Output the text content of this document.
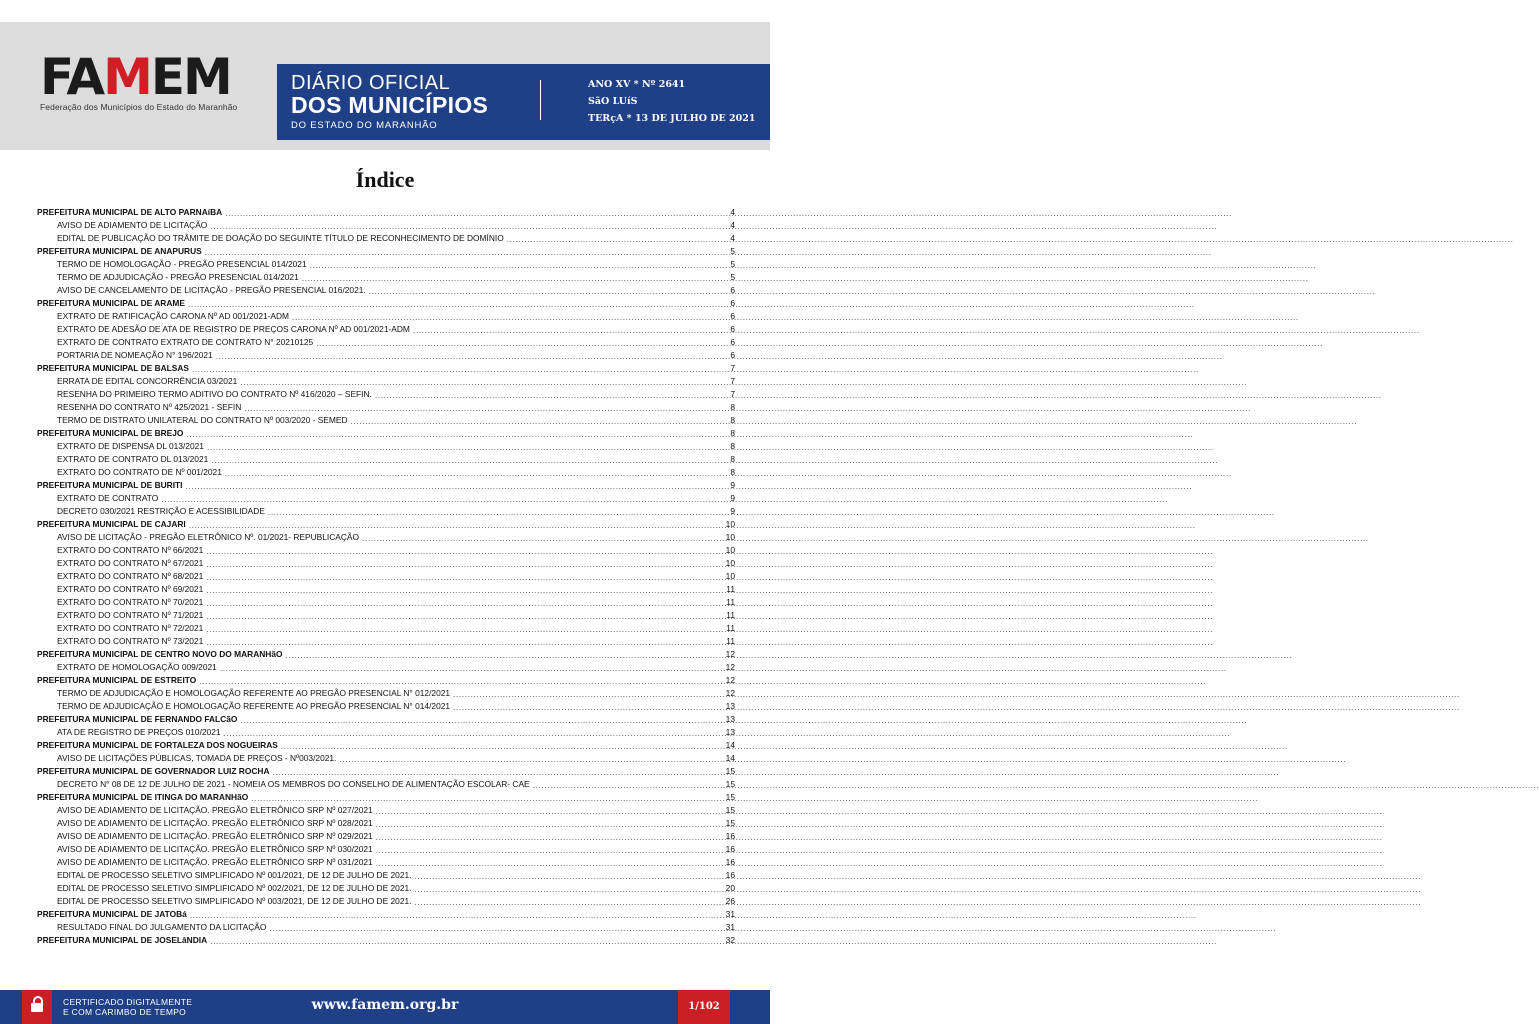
FAMEM
Federação dos Municípios do Estado do Maranhão
DIÁRIO OFICIAL
DOS MUNICÍPIOS
DO ESTADO DO MARANHÃO
ANO XV * Nº 2641
SãO LUíS
TERçA * 13 DE JULHO DE 2021
Índice
PREFEITURA MUNICIPAL DE ALTO PARNAíBA .....	4
AVISO DE ADIAMENTO DE LICITAÇÃO .....	4
EDITAL DE PUBLICAÇÃO DO TRÂMITE DE DOAÇÃO DO SEGUINTE TÍTULO DE RECONHECIMENTO DE DOMÍNIO .....	4
PREFEITURA MUNICIPAL DE ANAPURUS .....	5
TERMO DE HOMOLOGAÇÃO - PREGÃO PRESENCIAL 014/2021 .....	5
TERMO DE ADJUDICAÇÃO - PREGÃO PRESENCIAL 014/2021 .....	5
AVISO DE CANCELAMENTO DE LICITAÇÃO - PREGÃO PRESENCIAL 016/2021. .....	6
PREFEITURA MUNICIPAL DE ARAME .....	6
EXTRATO DE RATIFICAÇÃO CARONA Nº AD 001/2021-ADM .....	6
EXTRATO DE ADESÃO DE ATA DE REGISTRO DE PREÇOS CARONA Nº AD 001/2021-ADM .....	6
EXTRATO DE CONTRATO EXTRATO DE CONTRATO N° 20210125 .....	6
PORTARIA DE NOMEAÇÃO N° 196/2021 .....	6
PREFEITURA MUNICIPAL DE BALSAS .....	7
ERRATA DE EDITAL CONCORRÊNCIA 03/2021 .....	7
RESENHA DO PRIMEIRO TERMO ADITIVO DO CONTRATO Nº 416/2020 – SEFIN. .....	7
RESENHA DO CONTRATO Nº 425/2021 - SEFIN .....	8
TERMO DE DISTRATO UNILATERAL DO CONTRATO Nº 003/2020 - SEMED .....	8
PREFEITURA MUNICIPAL DE BREJO .....	8
EXTRATO DE DISPENSA DL 013/2021 .....	8
EXTRATO DE CONTRATO DL 013/2021 .....	8
EXTRATO DO CONTRATO DE Nº 001/2021 .....	8
PREFEITURA MUNICIPAL DE BURITI .....	9
EXTRATO DE CONTRATO .....	9
DECRETO 030/2021 RESTRIÇÃO E ACESSIBILIDADE .....	9
PREFEITURA MUNICIPAL DE CAJARI .....	10
AVISO DE LICITAÇÃO - PREGÃO ELETRÔNICO Nº. 01/2021- REPUBLICAÇÃO .....	10
EXTRATO DO CONTRATO Nº 66/2021 .....	10
EXTRATO DO CONTRATO Nº 67/2021 .....	10
EXTRATO DO CONTRATO Nº 68/2021 .....	10
EXTRATO DO CONTRATO Nº 69/2021 .....	11
EXTRATO DO CONTRATO Nº 70/2021 .....	11
EXTRATO DO CONTRATO Nº 71/2021 .....	11
EXTRATO DO CONTRATO Nº 72/2021 .....	11
EXTRATO DO CONTRATO Nº 73/2021 .....	11
PREFEITURA MUNICIPAL DE CENTRO NOVO DO MARANHãO .....	12
EXTRATO DE HOMOLOGAÇÃO 009/2021 .....	12
PREFEITURA MUNICIPAL DE ESTREITO .....	12
TERMO DE ADJUDICAÇÃO E HOMOLOGAÇÃO REFERENTE AO PREGÃO PRESENCIAL N° 012/2021 .....	12
TERMO DE ADJUDICAÇÃO E HOMOLOGAÇÃO REFERENTE AO PREGÃO PRESENCIAL N° 014/2021 .....	13
PREFEITURA MUNICIPAL DE FERNANDO FALCãO .....	13
ATA DE REGISTRO DE PREÇOS 010/2021 .....	13
PREFEITURA MUNICIPAL DE FORTALEZA DOS NOGUEIRAS .....	14
AVISO DE LICITAÇÕES PÚBLICAS, TOMADA DE PREÇOS - Nº003/2021. .....	14
PREFEITURA MUNICIPAL DE GOVERNADOR LUIZ ROCHA .....	15
DECRETO N° 08 DE 12 DE JULHO DE 2021 - NOMEIA OS MEMBROS DO CONSELHO DE ALIMENTAÇÃO ESCOLAR- CAE .....	15
PREFEITURA MUNICIPAL DE ITINGA DO MARANHãO .....	15
AVISO DE ADIAMENTO DE LICITAÇÃO. PREGÃO ELETRÔNICO SRP Nº 027/2021 .....	15
AVISO DE ADIAMENTO DE LICITAÇÃO. PREGÃO ELETRÔNICO SRP Nº 028/2021 .....	15
AVISO DE ADIAMENTO DE LICITAÇÃO. PREGÃO ELETRÔNICO SRP Nº 029/2021 .....	16
AVISO DE ADIAMENTO DE LICITAÇÃO. PREGÃO ELETRÔNICO SRP Nº 030/2021 .....	16
AVISO DE ADIAMENTO DE LICITAÇÃO. PREGÃO ELETRÔNICO SRP Nº 031/2021 .....	16
EDITAL DE PROCESSO SELETIVO SIMPLIFICADO Nº 001/2021, DE 12 DE JULHO DE 2021. .....	16
EDITAL DE PROCESSO SELETIVO SIMPLIFICADO Nº 002/2021, DE 12 DE JULHO DE 2021. .....	20
EDITAL DE PROCESSO SELETIVO SIMPLIFICADO Nº 003/2021, DE 12 DE JULHO DE 2021. .....	26
PREFEITURA MUNICIPAL DE JATOBá .....	31
RESULTADO FINAL DO JULGAMENTO DA LICITAÇÃO .....	31
PREFEITURA MUNICIPAL DE JOSELâNDIA .....	32
CERTIFICADO DIGITALMENTE
E COM CARIMBO DE TEMPO	www.famem.org.br	1/102
